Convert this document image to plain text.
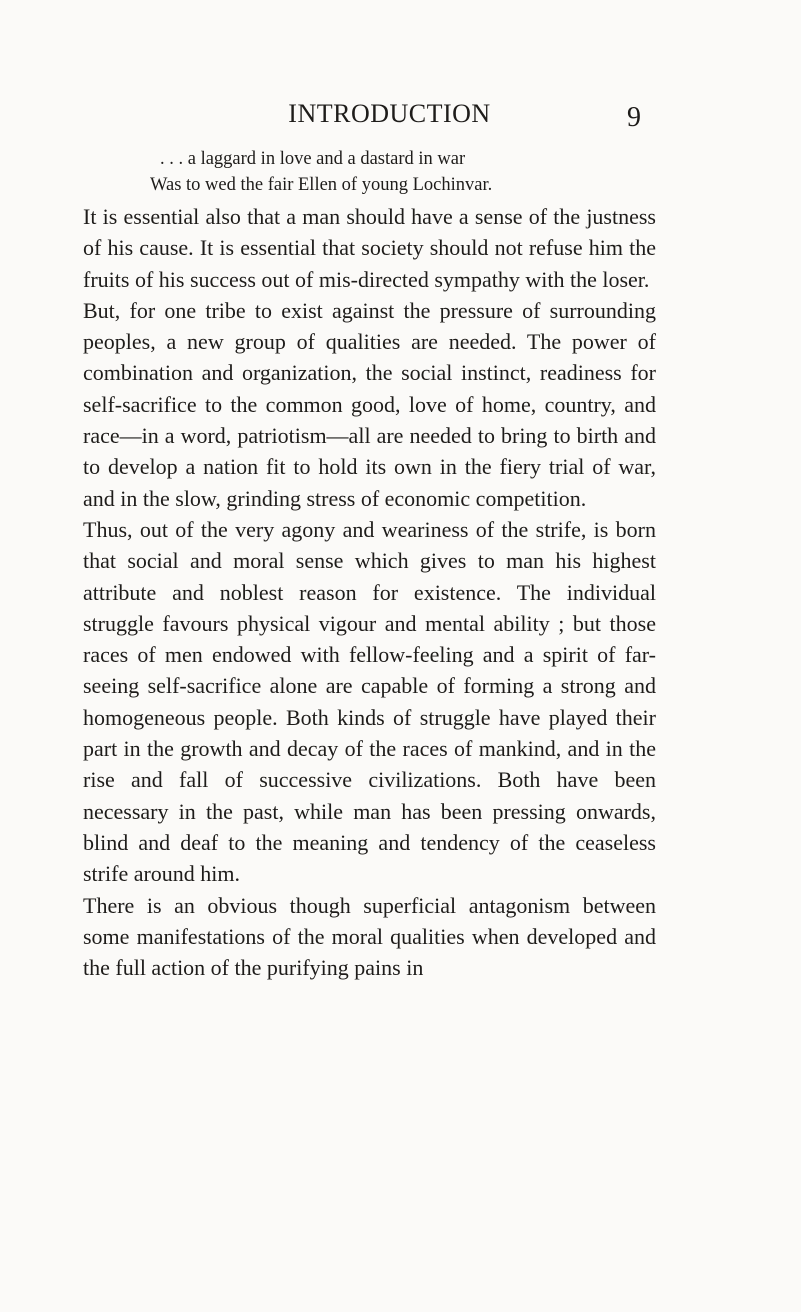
INTRODUCTION	9
. . . a laggard in love and a dastard in war
Was to wed the fair Ellen of young Lochinvar.

It is essential also that a man should have a sense of the justness of his cause. It is essential that society should not refuse him the fruits of his success out of mis-directed sympathy with the loser.

But, for one tribe to exist against the pressure of surrounding peoples, a new group of qualities are needed. The power of combination and organization, the social instinct, readiness for self-sacrifice to the common good, love of home, country, and race—in a word, patriotism—all are needed to bring to birth and to develop a nation fit to hold its own in the fiery trial of war, and in the slow, grinding stress of economic competition.

Thus, out of the very agony and weariness of the strife, is born that social and moral sense which gives to man his highest attribute and noblest reason for existence. The individual struggle favours physical vigour and mental ability ; but those races of men endowed with fellow-feeling and a spirit of far-seeing self-sacrifice alone are capable of forming a strong and homogeneous people. Both kinds of struggle have played their part in the growth and decay of the races of mankind, and in the rise and fall of successive civilizations. Both have been necessary in the past, while man has been pressing onwards, blind and deaf to the meaning and tendency of the ceaseless strife around him.

There is an obvious though superficial antagonism between some manifestations of the moral qualities when developed and the full action of the purifying pains in
